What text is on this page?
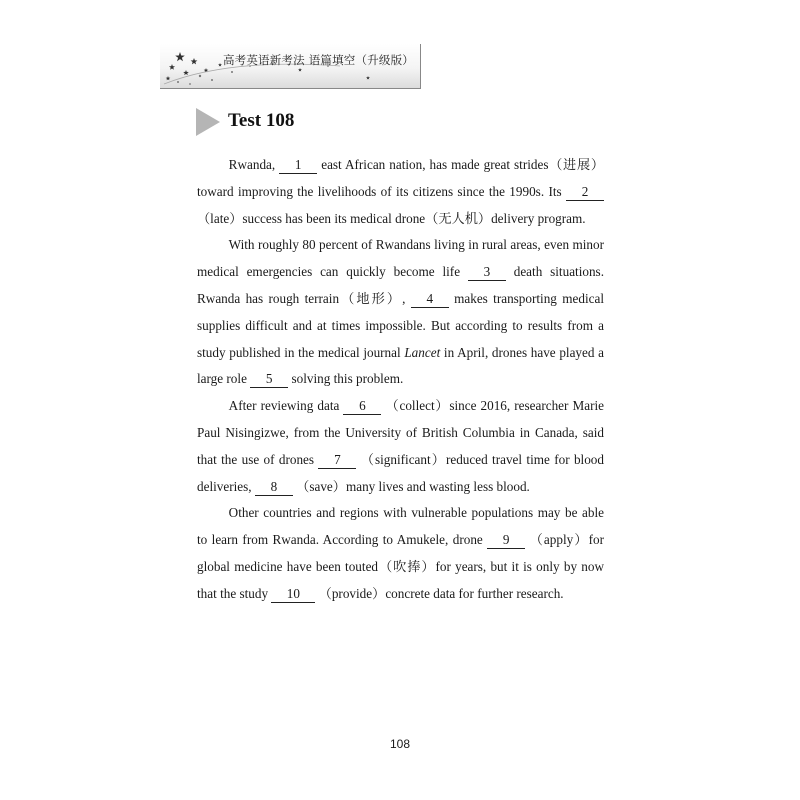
高考英语新考法 语篇填空（升级版）
Test 108

Rwanda, 1 east African nation, has made great strides（进展）toward improving the livelihoods of its citizens since the 1990s. Its 2 （late）success has been its medical drone（无人机）delivery program.

With roughly 80 percent of Rwandans living in rural areas, even minor medical emergencies can quickly become life 3 death situations. Rwanda has rough terrain（地形）, 4 makes transporting medical supplies difficult and at times impossible. But according to results from a study published in the medical journal Lancet in April, drones have played a large role 5 solving this problem.

After reviewing data 6 （collect）since 2016, researcher Marie Paul Nisingizwe, from the University of British Columbia in Canada, said that the use of drones 7 （significant）reduced travel time for blood deliveries, 8 （save）many lives and wasting less blood.

Other countries and regions with vulnerable populations may be able to learn from Rwanda. According to Amukele, drone 9 （apply）for global medicine have been touted（吹捧）for years, but it is only by now that the study 10 （provide）concrete data for further research.

108
